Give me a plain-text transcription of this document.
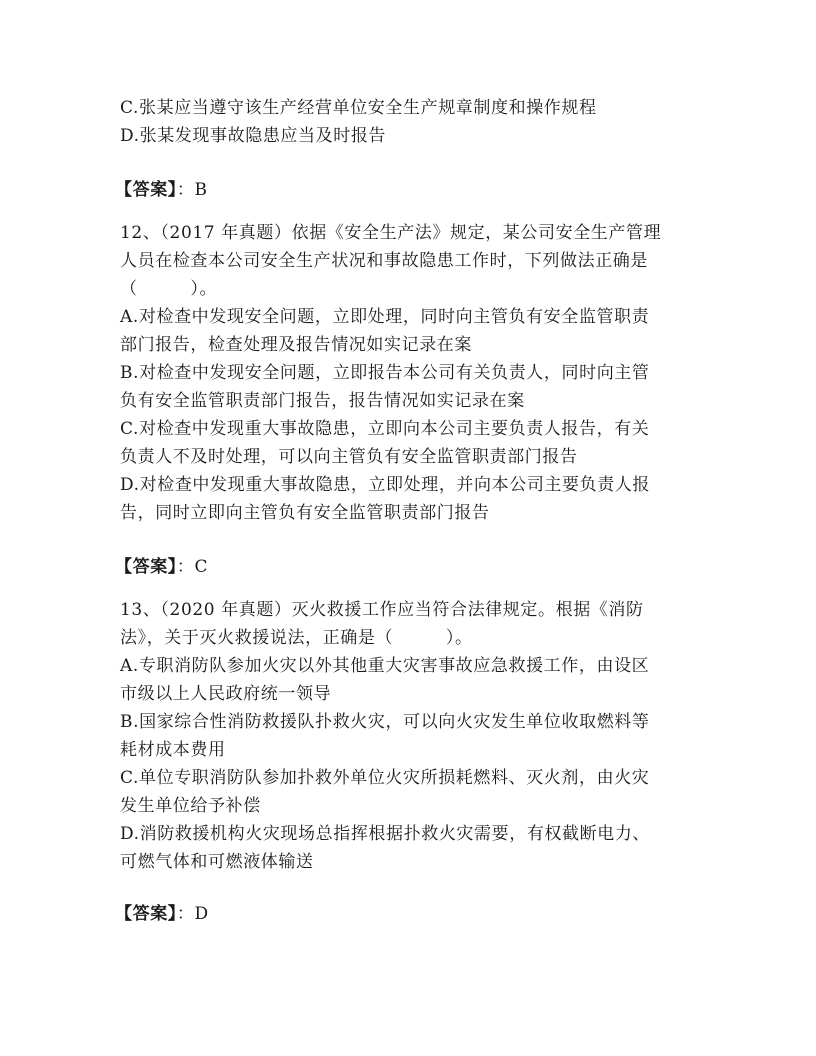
C.张某应当遵守该生产经营单位安全生产规章制度和操作规程
D.张某发现事故隐患应当及时报告
【答案】：B
12、（2017 年真题）依据《安全生产法》规定，某公司安全生产管理
人员在检查本公司安全生产状况和事故隐患工作时，下列做法正确是
（　　　）。
A.对检查中发现安全问题，立即处理，同时向主管负有安全监管职责
部门报告，检查处理及报告情况如实记录在案
B.对检查中发现安全问题，立即报告本公司有关负责人，同时向主管
负有安全监管职责部门报告，报告情况如实记录在案
C.对检查中发现重大事故隐患，立即向本公司主要负责人报告，有关
负责人不及时处理，可以向主管负有安全监管职责部门报告
D.对检查中发现重大事故隐患，立即处理，并向本公司主要负责人报
告，同时立即向主管负有安全监管职责部门报告
【答案】：C
13、（2020 年真题）灭火救援工作应当符合法律规定。根据《消防
法》，关于灭火救援说法，正确是（　　　）。
A.专职消防队参加火灾以外其他重大灾害事故应急救援工作，由设区
市级以上人民政府统一领导
B.国家综合性消防救援队扑救火灾，可以向火灾发生单位收取燃料等
耗材成本费用
C.单位专职消防队参加扑救外单位火灾所损耗燃料、灭火剂，由火灾
发生单位给予补偿
D.消防救援机构火灾现场总指挥根据扑救火灾需要，有权截断电力、
可燃气体和可燃液体输送
【答案】：D
